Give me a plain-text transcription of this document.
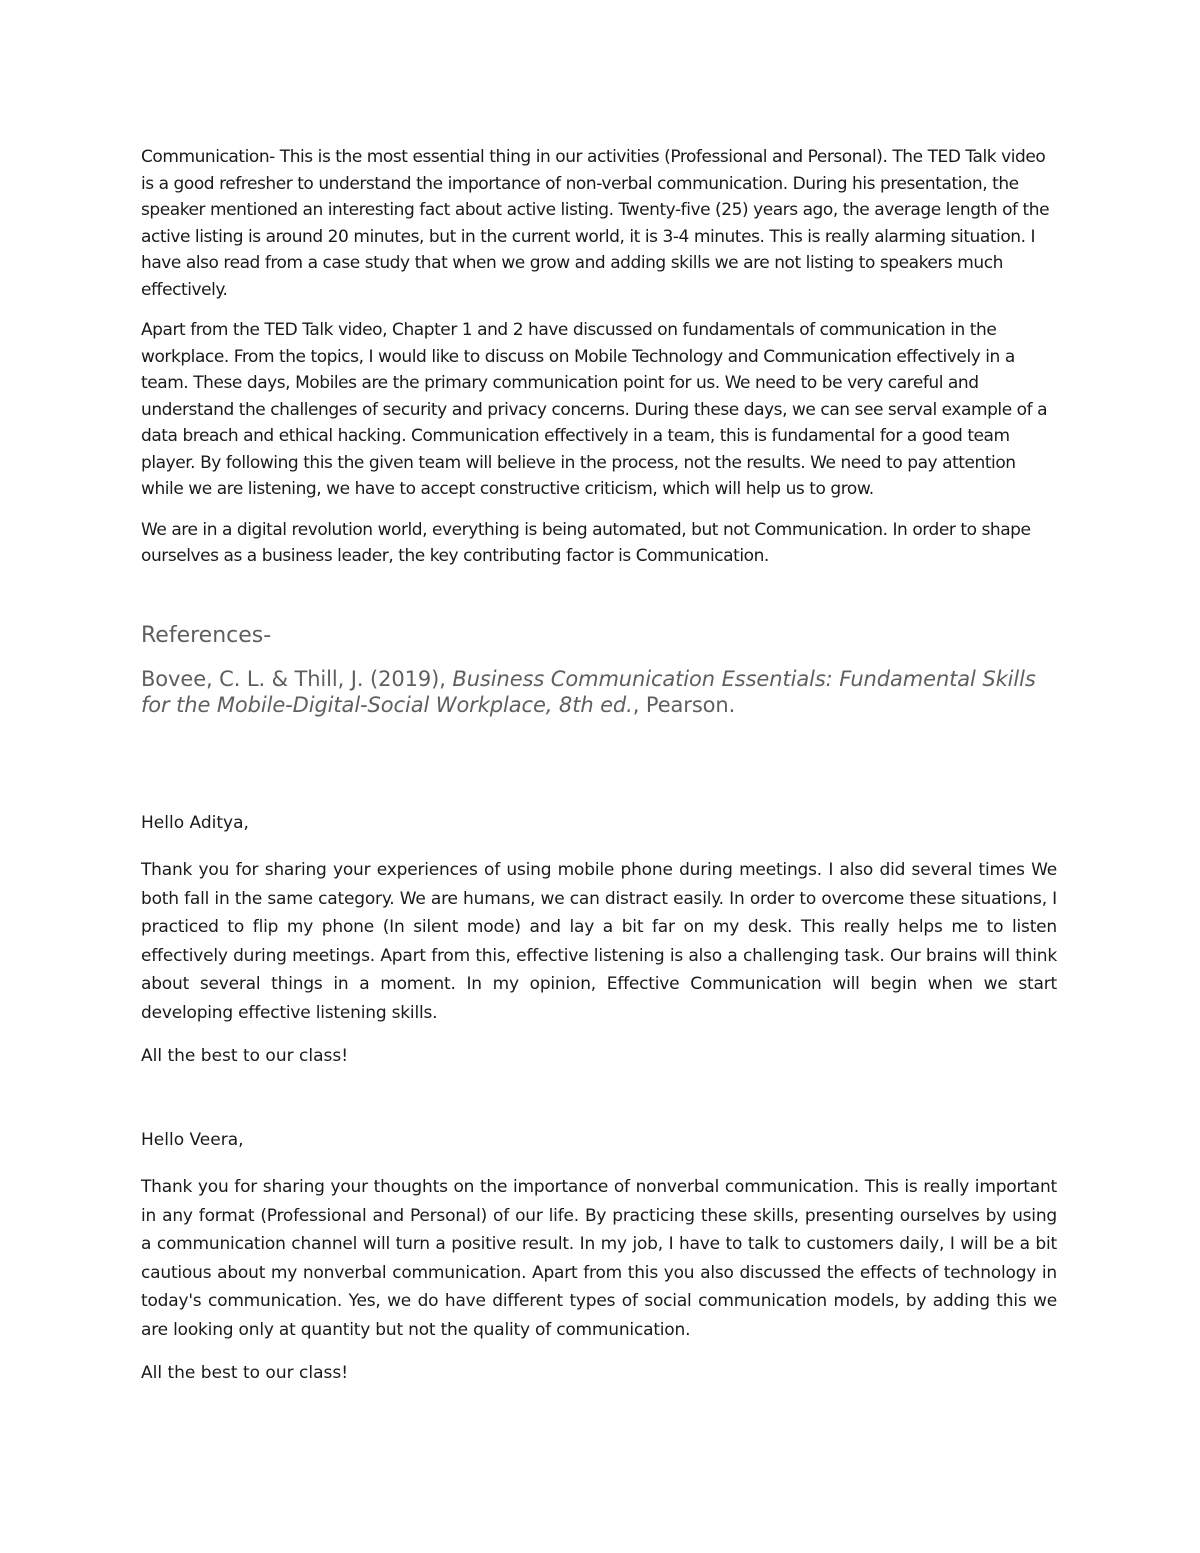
Communication- This is the most essential thing in our activities (Professional and Personal). The TED Talk video is a good refresher to understand the importance of non-verbal communication. During his presentation, the speaker mentioned an interesting fact about active listing. Twenty-five (25) years ago, the average length of the active listing is around 20 minutes, but in the current world, it is 3-4 minutes. This is really alarming situation. I have also read from a case study that when we grow and adding skills we are not listing to speakers much effectively.

Apart from the TED Talk video, Chapter 1 and 2 have discussed on fundamentals of communication in the workplace. From the topics, I would like to discuss on Mobile Technology and Communication effectively in a team. These days, Mobiles are the primary communication point for us. We need to be very careful and understand the challenges of security and privacy concerns. During these days, we can see serval example of a data breach and ethical hacking. Communication effectively in a team, this is fundamental for a good team player. By following this the given team will believe in the process, not the results. We need to pay attention while we are listening, we have to accept constructive criticism, which will help us to grow.

We are in a digital revolution world, everything is being automated, but not Communication. In order to shape ourselves as a business leader, the key contributing factor is Communication.

References-

Bovee, C. L. & Thill, J. (2019), Business Communication Essentials: Fundamental Skills for the Mobile-Digital-Social Workplace, 8th ed., Pearson.

Hello Aditya,

Thank you for sharing your experiences of using mobile phone during meetings. I also did several times We both fall in the same category. We are humans, we can distract easily. In order to overcome these situations, I practiced to flip my phone (In silent mode) and lay a bit far on my desk. This really helps me to listen effectively during meetings. Apart from this, effective listening is also a challenging task. Our brains will think about several things in a moment. In my opinion, Effective Communication will begin when we start developing effective listening skills.

All the best to our class!

Hello Veera,

Thank you for sharing your thoughts on the importance of nonverbal communication. This is really important in any format (Professional and Personal) of our life. By practicing these skills, presenting ourselves by using a communication channel will turn a positive result. In my job, I have to talk to customers daily, I will be a bit cautious about my nonverbal communication. Apart from this you also discussed the effects of technology in today's communication. Yes, we do have different types of social communication models, by adding this we are looking only at quantity but not the quality of communication.

All the best to our class!
